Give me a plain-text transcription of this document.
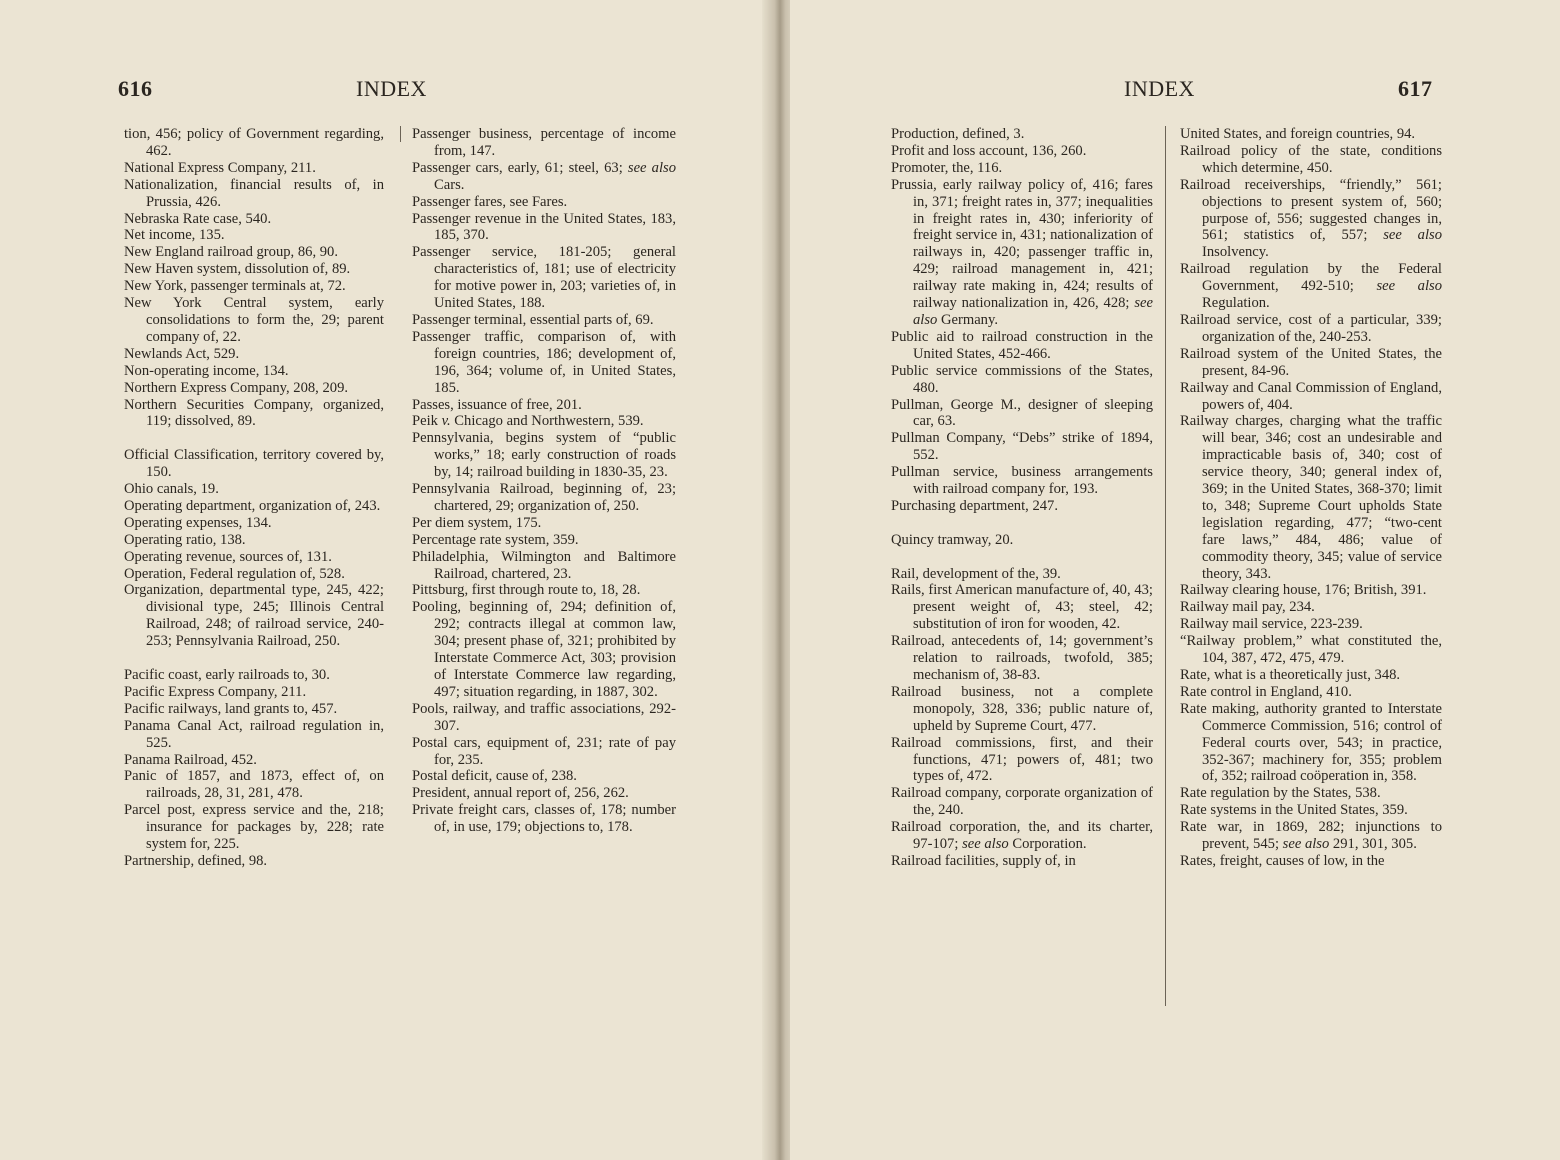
616	INDEX
tion, 456; policy of Government regarding, 462.
National Express Company, 211.
Nationalization, financial results of, in Prussia, 426.
Nebraska Rate case, 540.
Net income, 135.
New England railroad group, 86, 90.
New Haven system, dissolution of, 89.
New York, passenger terminals at, 72.
New York Central system, early consolidations to form the, 29; parent company of, 22.
Newlands Act, 529.
Non-operating income, 134.
Northern Express Company, 208, 209.
Northern Securities Company, organized, 119; dissolved, 89.
Official Classification, territory covered by, 150.
Ohio canals, 19.
Operating department, organization of, 243.
Operating expenses, 134.
Operating ratio, 138.
Operating revenue, sources of, 131.
Operation, Federal regulation of, 528.
Organization, departmental type, 245, 422; divisional type, 245; Illinois Central Railroad, 248; of railroad service, 240-253; Pennsylvania Railroad, 250.
Pacific coast, early railroads to, 30.
Pacific Express Company, 211.
Pacific railways, land grants to, 457.
Panama Canal Act, railroad regulation in, 525.
Panama Railroad, 452.
Panic of 1857, and 1873, effect of, on railroads, 28, 31, 281, 478.
Parcel post, express service and the, 218; insurance for packages by, 228; rate system for, 225.
Partnership, defined, 98.
Passenger business, percentage of income from, 147.
Passenger cars, early, 61; steel, 63; see also Cars.
Passenger fares, see Fares.
Passenger revenue in the United States, 183, 185, 370.
Passenger service, 181-205; general characteristics of, 181; use of electricity for motive power in, 203; varieties of, in United States, 188.
Passenger terminal, essential parts of, 69.
Passenger traffic, comparison of, with foreign countries, 186; development of, 196, 364; volume of, in United States, 185.
Passes, issuance of free, 201.
Peik v. Chicago and Northwestern, 539.
Pennsylvania, begins system of “public works,” 18; early construction of roads by, 14; railroad building in 1830-35, 23.
Pennsylvania Railroad, beginning of, 23; chartered, 29; organization of, 250.
Per diem system, 175.
Percentage rate system, 359.
Philadelphia, Wilmington and Baltimore Railroad, chartered, 23.
Pittsburg, first through route to, 18, 28.
Pooling, beginning of, 294; definition of, 292; contracts illegal at common law, 304; present phase of, 321; prohibited by Interstate Commerce Act, 303; provision of Interstate Commerce law regarding, 497; situation regarding, in 1887, 302.
Pools, railway, and traffic associations, 292-307.
Postal cars, equipment of, 231; rate of pay for, 235.
Postal deficit, cause of, 238.
President, annual report of, 256, 262.
Private freight cars, classes of, 178; number of, in use, 179; objections to, 178.
INDEX	617
Production, defined, 3.
Profit and loss account, 136, 260.
Promoter, the, 116.
Prussia, early railway policy of, 416; fares in, 371; freight rates in, 377; inequalities in freight rates in, 430; inferiority of freight service in, 431; nationalization of railways in, 420; passenger traffic in, 429; railroad management in, 421; railway rate making in, 424; results of railway nationalization in, 426, 428; see also Germany.
Public aid to railroad construction in the United States, 452-466.
Public service commissions of the States, 480.
Pullman, George M., designer of sleeping car, 63.
Pullman Company, “Debs” strike of 1894, 552.
Pullman service, business arrangements with railroad company for, 193.
Purchasing department, 247.
Quincy tramway, 20.
Rail, development of the, 39.
Rails, first American manufacture of, 40, 43; present weight of, 43; steel, 42; substitution of iron for wooden, 42.
Railroad, antecedents of, 14; government’s relation to railroads, twofold, 385; mechanism of, 38-83.
Railroad business, not a complete monopoly, 328, 336; public nature of, upheld by Supreme Court, 477.
Railroad commissions, first, and their functions, 471; powers of, 481; two types of, 472.
Railroad company, corporate organization of the, 240.
Railroad corporation, the, and its charter, 97-107; see also Corporation.
Railroad facilities, supply of, in
United States, and foreign countries, 94.
Railroad policy of the state, conditions which determine, 450.
Railroad receiverships, “friendly,” 561; objections to present system of, 560; purpose of, 556; suggested changes in, 561; statistics of, 557; see also Insolvency.
Railroad regulation by the Federal Government, 492-510; see also Regulation.
Railroad service, cost of a particular, 339; organization of the, 240-253.
Railroad system of the United States, the present, 84-96.
Railway and Canal Commission of England, powers of, 404.
Railway charges, charging what the traffic will bear, 346; cost an undesirable and impracticable basis of, 340; cost of service theory, 340; general index of, 369; in the United States, 368-370; limit to, 348; Supreme Court upholds State legislation regarding, 477; “two-cent fare laws,” 484, 486; value of commodity theory, 345; value of service theory, 343.
Railway clearing house, 176; British, 391.
Railway mail pay, 234.
Railway mail service, 223-239.
“Railway problem,” what constituted the, 104, 387, 472, 475, 479.
Rate, what is a theoretically just, 348.
Rate control in England, 410.
Rate making, authority granted to Interstate Commerce Commission, 516; control of Federal courts over, 543; in practice, 352-367; machinery for, 355; problem of, 352; railroad coöperation in, 358.
Rate regulation by the States, 538.
Rate systems in the United States, 359.
Rate war, in 1869, 282; injunctions to prevent, 545; see also 291, 301, 305.
Rates, freight, causes of low, in the
